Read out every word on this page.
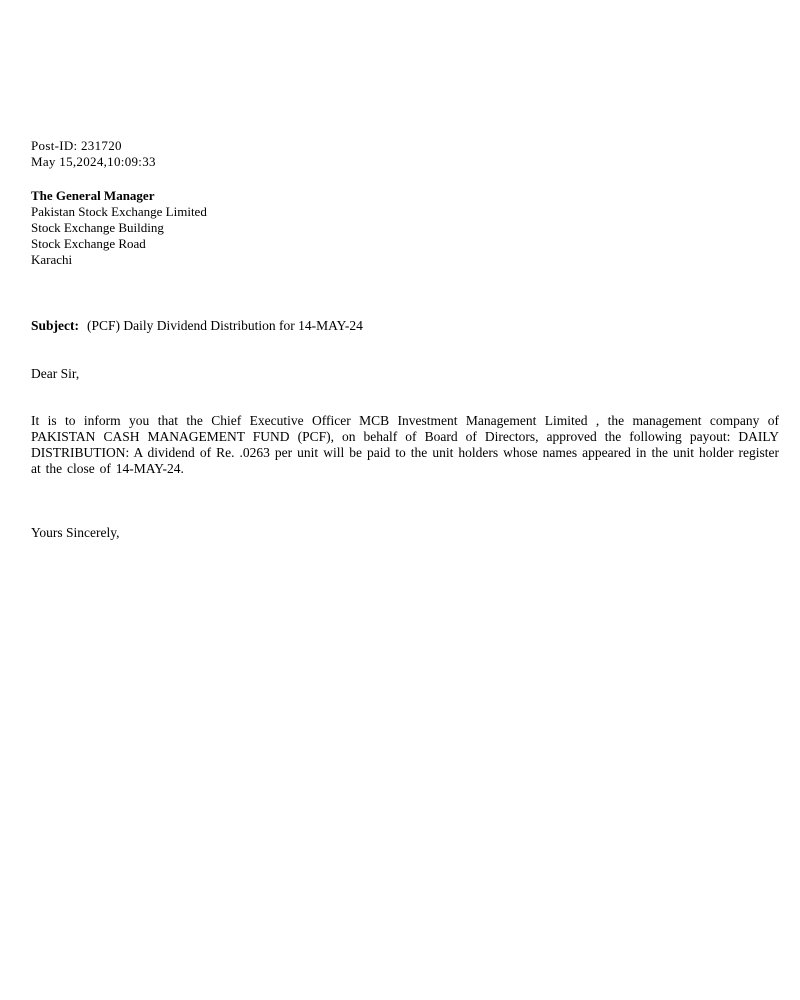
Post-ID: 231720
May 15,2024,10:09:33
The General Manager
Pakistan Stock Exchange Limited
Stock Exchange Building
Stock Exchange Road
Karachi
Subject: (PCF) Daily Dividend Distribution for 14-MAY-24
Dear Sir,
It is to inform you that the Chief Executive Officer MCB Investment Management Limited , the management company of PAKISTAN CASH MANAGEMENT FUND (PCF), on behalf of Board of Directors, approved the following payout: DAILY DISTRIBUTION: A dividend of Re. .0263 per unit will be paid to the unit holders whose names appeared in the unit holder register at the close of 14-MAY-24.
Yours Sincerely,
